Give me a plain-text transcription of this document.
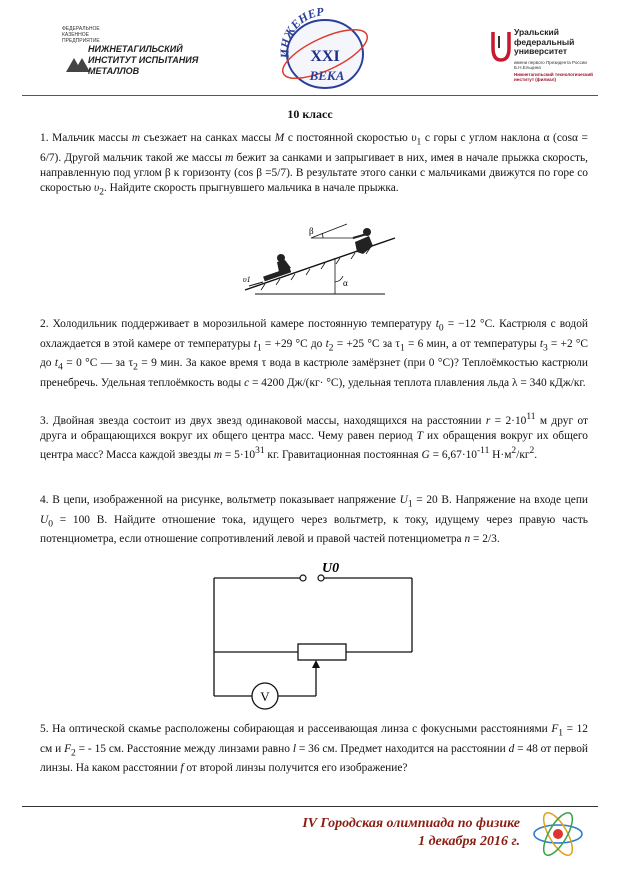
ФЕДЕРАЛЬНОЕ КАЗЕННОЕ ПРЕДПРИЯТИЕ
НИЖНЕТАГИЛЬСКИЙ ИНСТИТУТ ИСПЫТАНИЯ МЕТАЛЛОВ
ИНЖЕНЕР
XXI
ВЕКА
Уральский федеральный университет
имени первого Президента России Б.Н.Ельцина
Нижнетагильский технологический институт (филиал)
10 класс
1. Мальчик массы m съезжает на санках массы M с постоянной скоростью $\upsilon_1$ с горы с углом наклона α (cosα = 6/7). Другой мальчик такой же массы m бежит за санками и запрыгивает в них, имея в начале прыжка скорость, направленную под углом β к горизонту (cos β =5/7). В результате этого санки с мальчиками движутся по горе со скоростью $\upsilon_2$. Найдите скорость прыгнувшего мальчика в начале прыжка.
α
υ1
β
2. Холодильник поддерживает в морозильной камере постоянную температуру $t_0 = -12$ °С. Кастрюля с водой охлаждается в этой камере от температуры $t_1 = +29$ °С до $t_2 = +25$ °С за $\tau_1 = 6$ мин, а от температуры $t_3 = +2$ °С до $t_4 = 0$ °С — за $\tau_2 = 9$ мин. За какое время τ вода в кастрюле замёрзнет (при 0 °С)? Теплоёмкостью кастрюли пренебречь. Удельная теплоёмкость воды c = 4200 Дж/(кг· °С), удельная теплота плавления льда λ = 340 кДж/кг.
3. Двойная звезда состоит из двух звезд одинаковой массы, находящихся на расстоянии $r = 2\cdot 10^{11}$ м друг от друга и обращающихся вокруг их общего центра масс. Чему равен период T их обращения вокруг их общего центра масс? Масса каждой звезды $m = 5\cdot 10^{31}$ кг. Гравитационная постоянная $G = 6,67\cdot 10^{-11}$ $Н\cdot м^2/кг^2$.
4. В цепи, изображенной на рисунке, вольтметр показывает напряжение $U_1 = 20$ В. Напряжение на входе цепи $U_0 = 100$ В. Найдите отношение тока, идущего через вольтметр, к току, идущему через правую часть потенциометра, если отношение сопротивлений левой и правой частей потенциометра n = 2/3.
U0
V
5. На оптической скамье расположены собирающая и рассеивающая линза с фокусными расстояниями $F_1 = 12$ см и $F_2$ = - 15 см. Расстояние между линзами равно l = 36 см. Предмет находится на расстоянии d = 48 от первой линзы. На каком расстоянии f от второй линзы получится его изображение?
IV Городская олимпиада по физике
1 декабря 2016 г.
